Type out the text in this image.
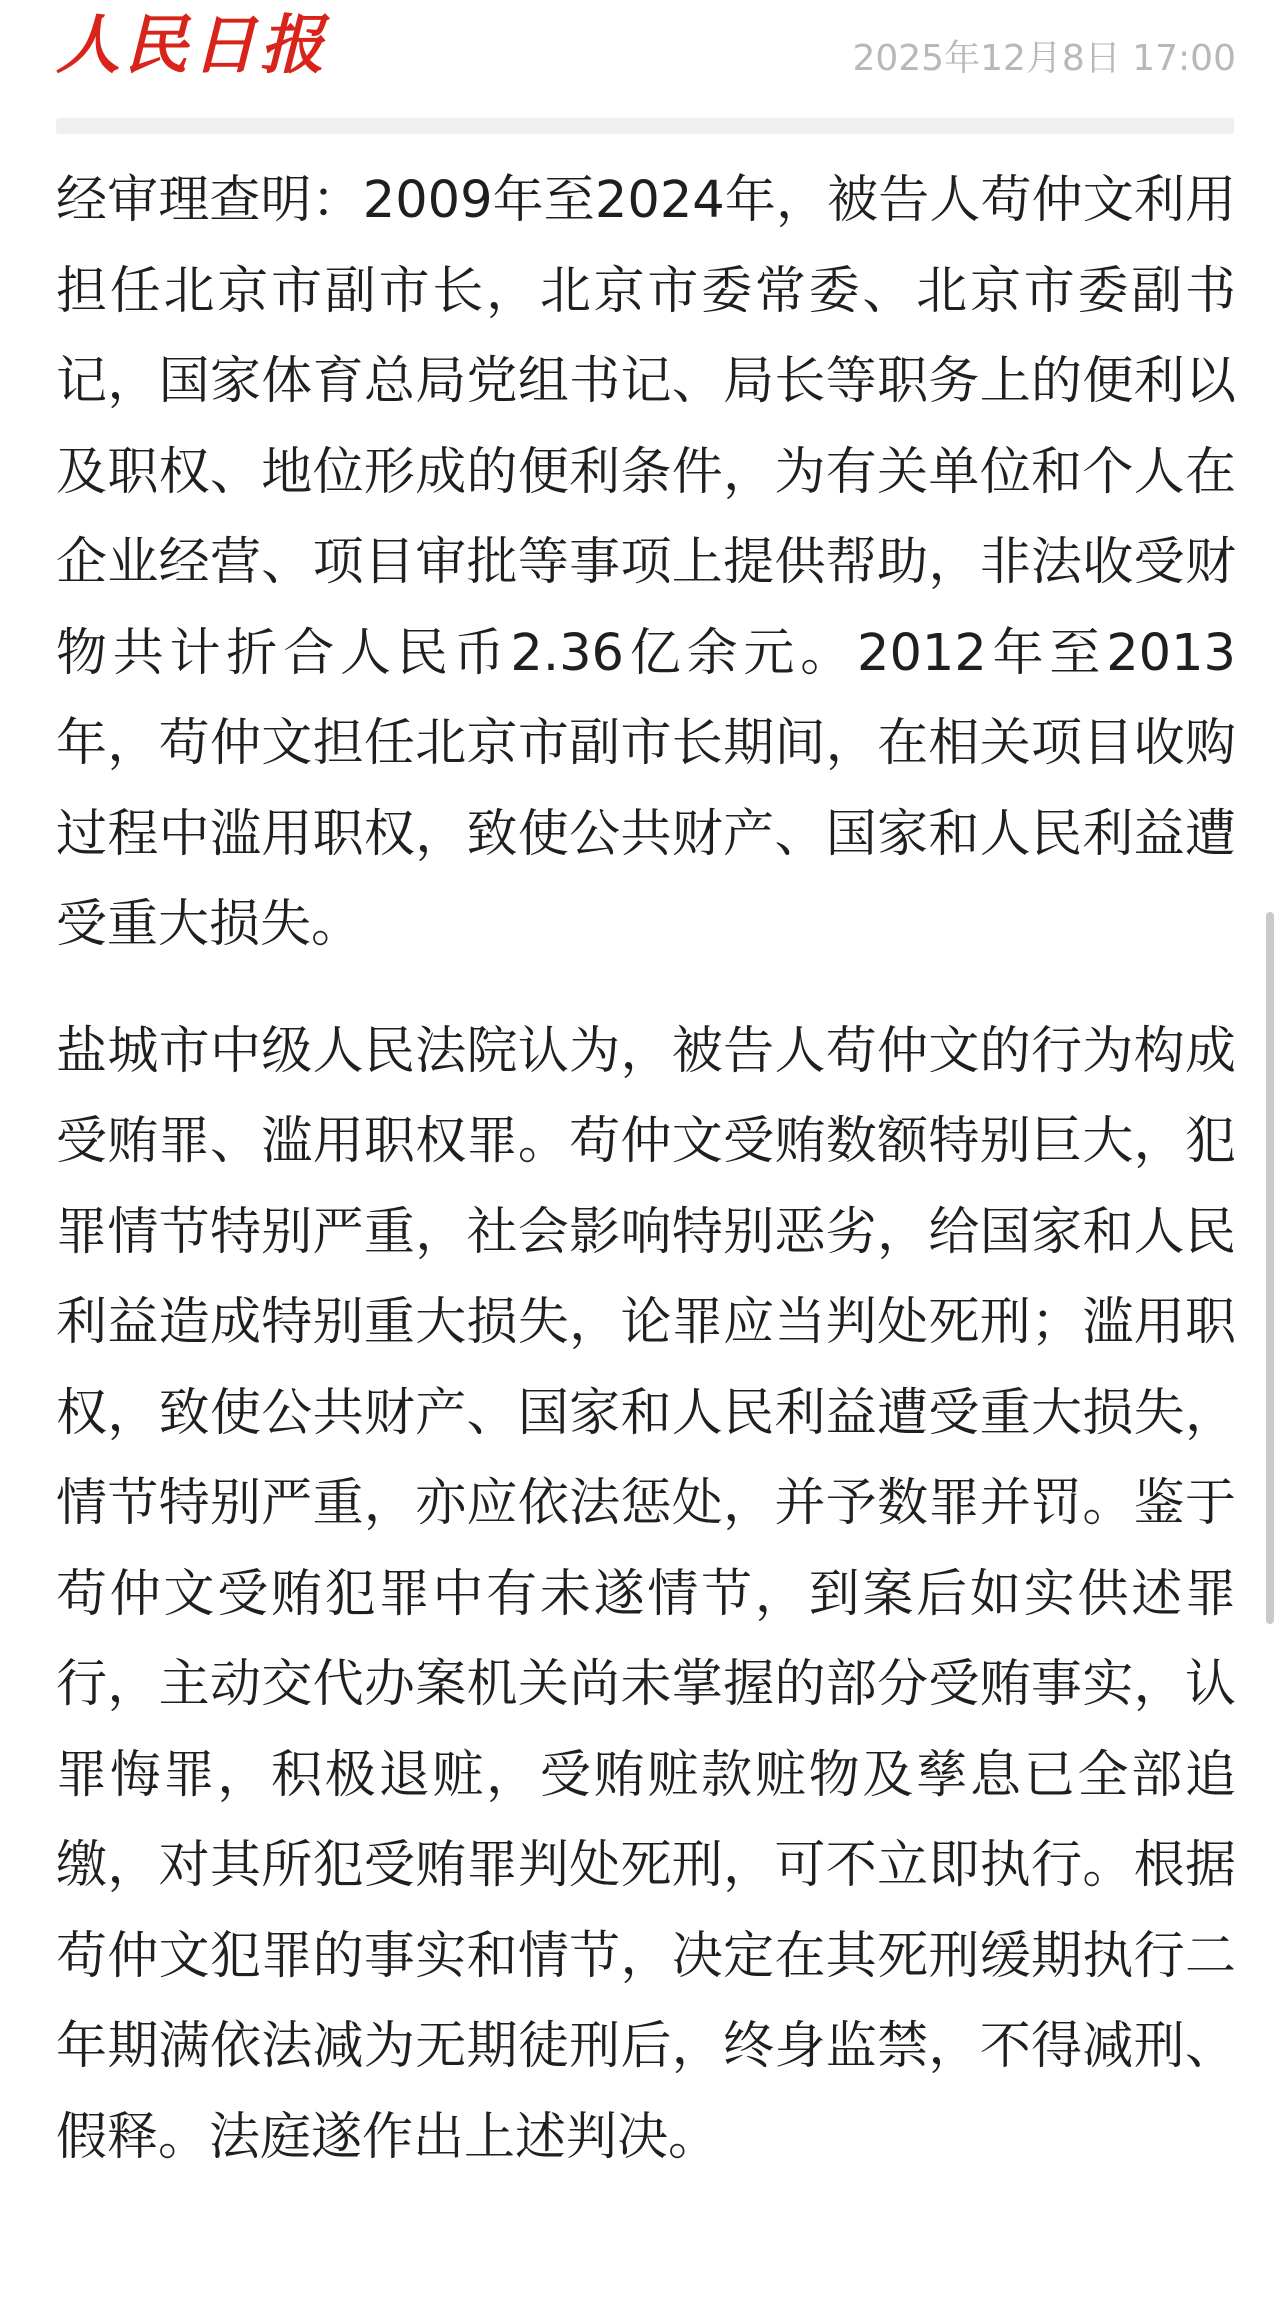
人民日报	2025年12月8日 17:00

经审理查明：2009年至2024年，被告人苟仲文利用担任北京市副市长，北京市委常委、北京市委副书记，国家体育总局党组书记、局长等职务上的便利以及职权、地位形成的便利条件，为有关单位和个人在企业经营、项目审批等事项上提供帮助，非法收受财物共计折合人民币2.36亿余元。2012年至2013年，苟仲文担任北京市副市长期间，在相关项目收购过程中滥用职权，致使公共财产、国家和人民利益遭受重大损失。

盐城市中级人民法院认为，被告人苟仲文的行为构成受贿罪、滥用职权罪。苟仲文受贿数额特别巨大，犯罪情节特别严重，社会影响特别恶劣，给国家和人民利益造成特别重大损失，论罪应当判处死刑；滥用职权，致使公共财产、国家和人民利益遭受重大损失，情节特别严重，亦应依法惩处，并予数罪并罚。鉴于苟仲文受贿犯罪中有未遂情节，到案后如实供述罪行，主动交代办案机关尚未掌握的部分受贿事实，认罪悔罪，积极退赃，受贿赃款赃物及孳息已全部追缴，对其所犯受贿罪判处死刑，可不立即执行。根据苟仲文犯罪的事实和情节，决定在其死刑缓期执行二年期满依法减为无期徒刑后，终身监禁，不得减刑、假释。法庭遂作出上述判决。
